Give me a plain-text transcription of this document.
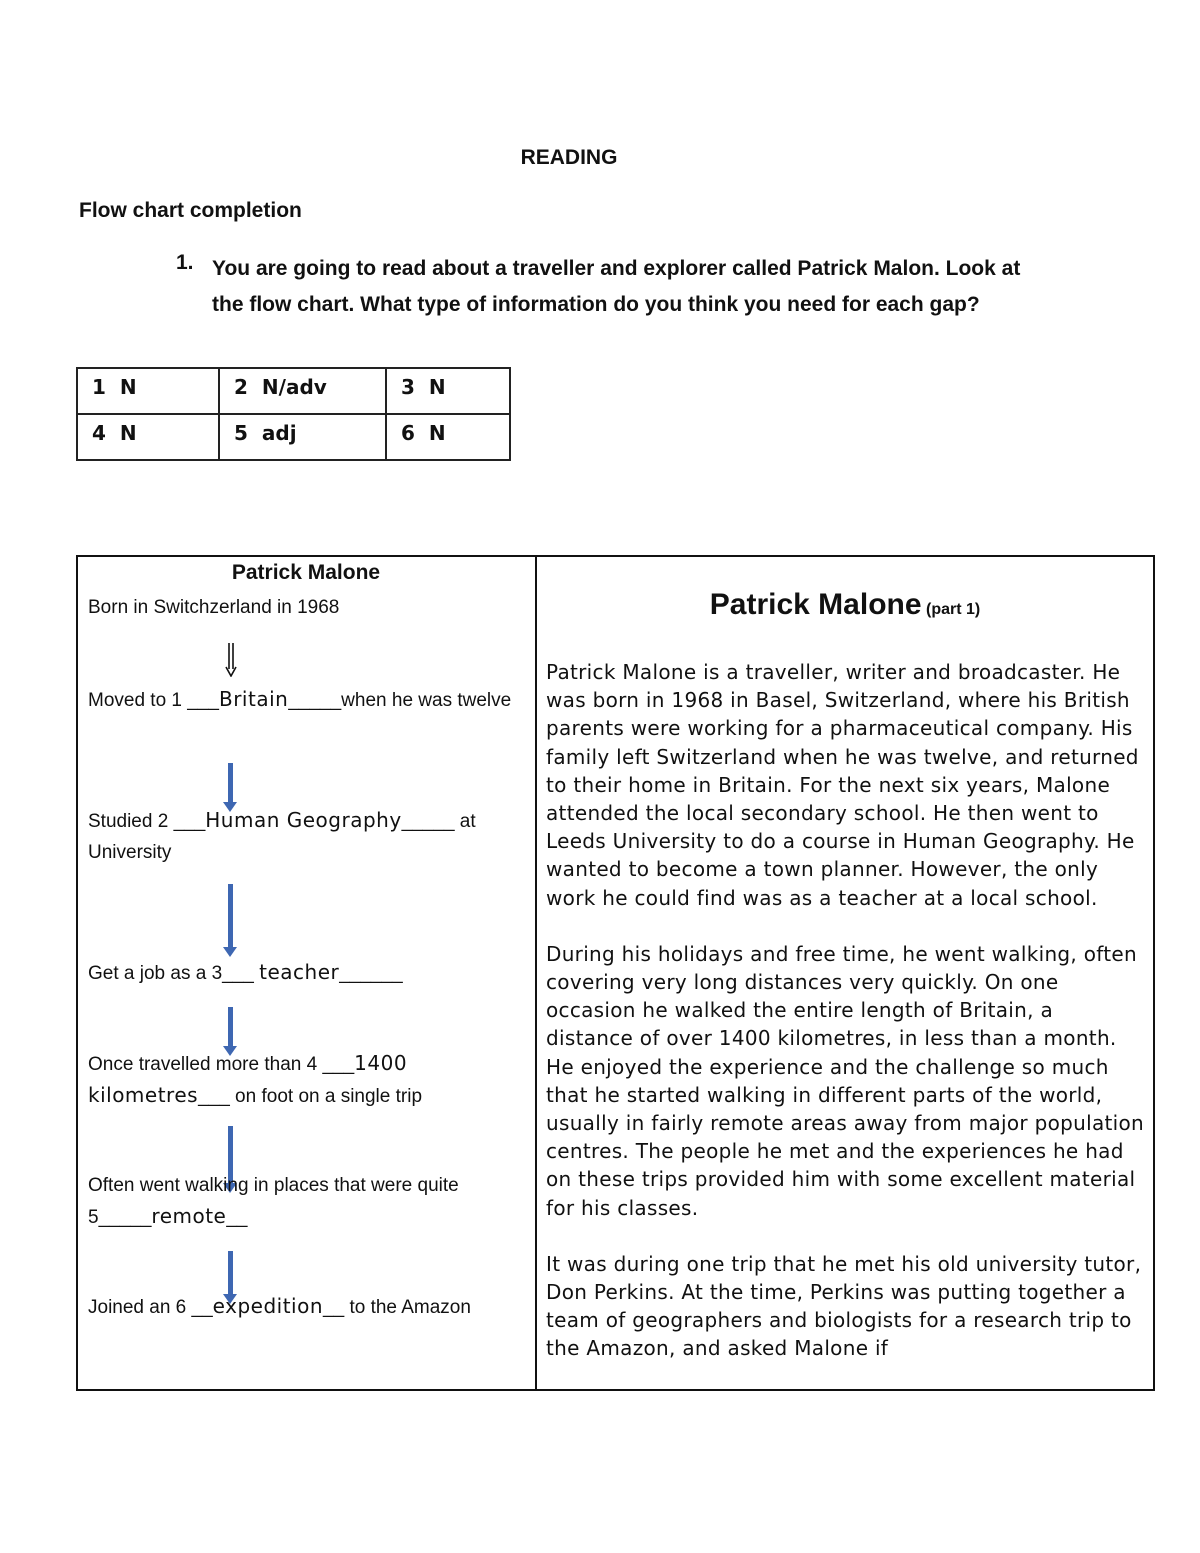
READING
Flow chart completion
1. You are going to read about a traveller and explorer called Patrick Malon. Look at the flow chart. What type of information do you think you need for each gap?
1 N	2 N/adv	3 N
4 N	5 adj	6 N
Patrick Malone
Born in Switchzerland in 1968
Moved to 1 ___Britain_____when he was twelve
Studied 2 ___Human Geography_____ at University
Get a job as a 3___ teacher______
Once travelled more than 4 ___1400 kilometres___ on foot on a single trip
Often went walking in places that were quite 5_____remote__
Joined an 6 __expedition__ to the Amazon
Patrick Malone (part 1)

Patrick Malone is a traveller, writer and broadcaster. He was born in 1968 in Basel, Switzerland, where his British parents were working for a pharmaceutical company. His family left Switzerland when he was twelve, and returned to their home in Britain. For the next six years, Malone attended the local secondary school. He then went to Leeds University to do a course in Human Geography. He wanted to become a town planner. However, the only work he could find was as a teacher at a local school.

During his holidays and free time, he went walking, often covering very long distances very quickly. On one occasion he walked the entire length of Britain, a distance of over 1400 kilometres, in less than a month. He enjoyed the experience and the challenge so much that he started walking in different parts of the world, usually in fairly remote areas away from major population centres. The people he met and the experiences he had on these trips provided him with some excellent material for his classes.

It was during one trip that he met his old university tutor, Don Perkins. At the time, Perkins was putting together a team of geographers and biologists for a research trip to the Amazon, and asked Malone if
